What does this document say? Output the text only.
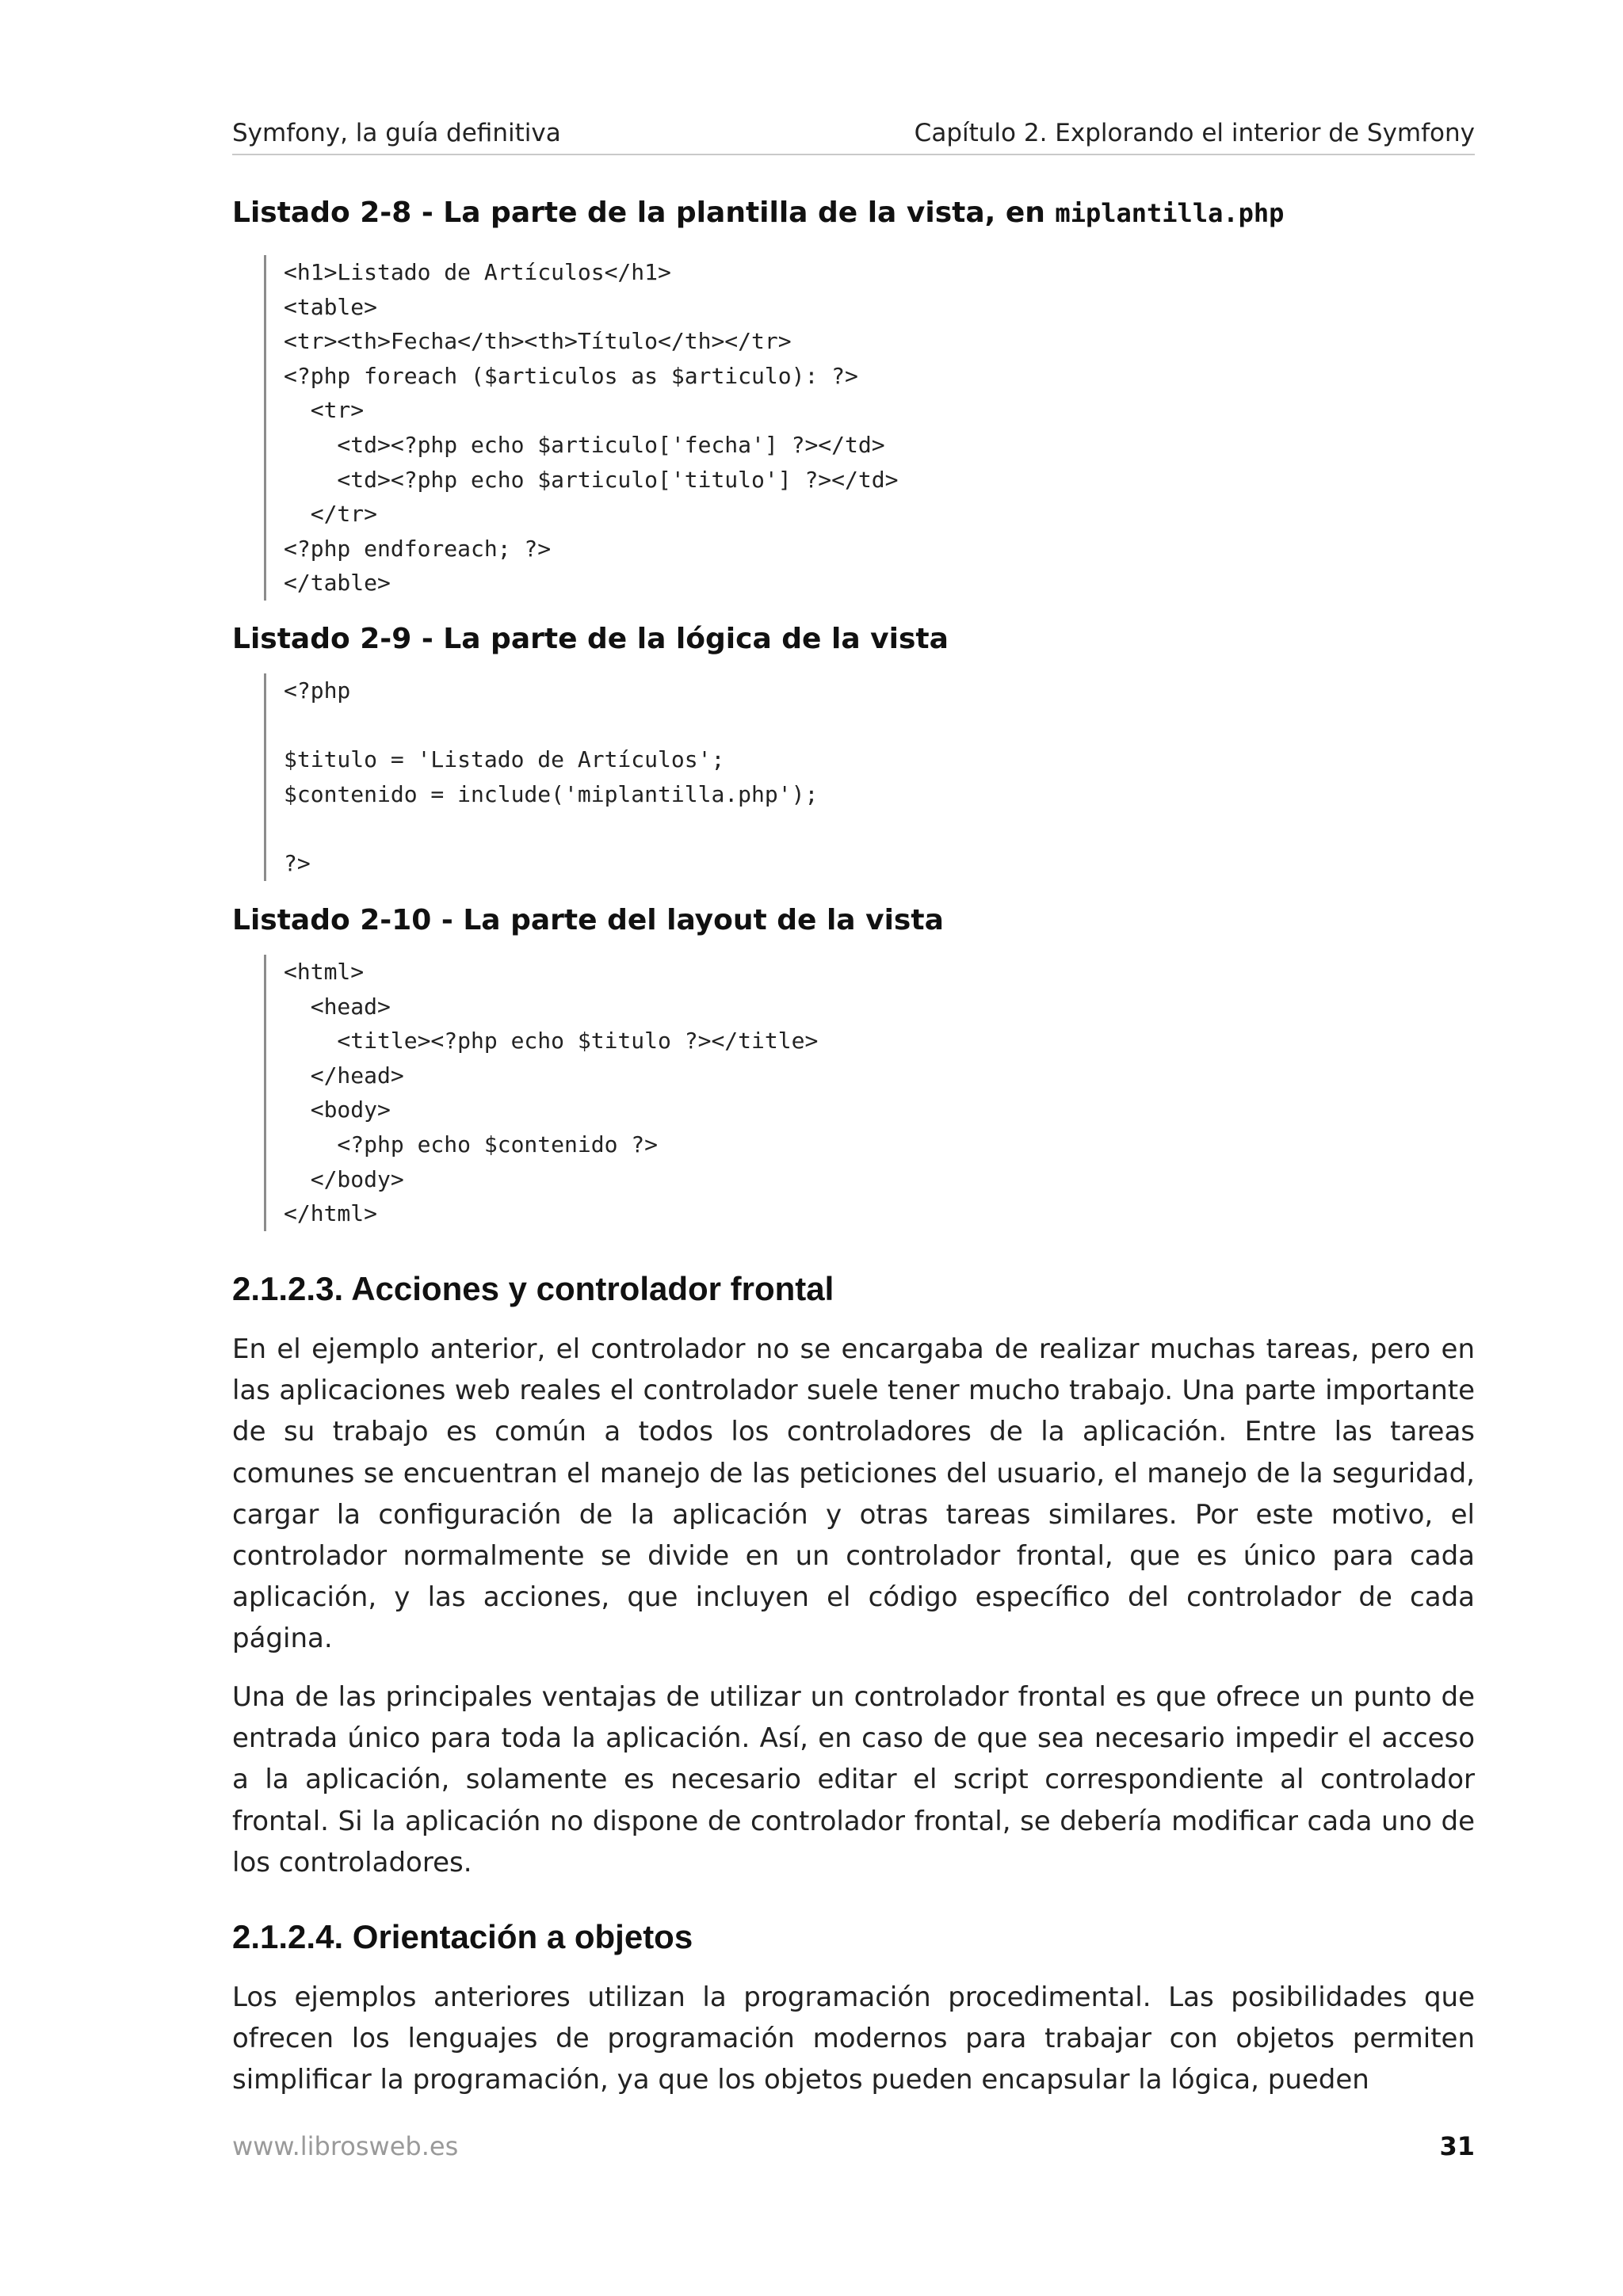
Symfony, la guía definitiva	Capítulo 2. Explorando el interior de Symfony
Listado 2-8 - La parte de la plantilla de la vista, en miplantilla.php
<h1>Listado de Artículos</h1>
<table>
<tr><th>Fecha</th><th>Título</th></tr>
<?php foreach ($articulos as $articulo): ?>
<tr>
<td><?php echo $articulo['fecha'] ?></td>
<td><?php echo $articulo['titulo'] ?></td>
</tr>
<?php endforeach; ?>
</table>
Listado 2-9 - La parte de la lógica de la vista
<?php
$titulo = 'Listado de Artículos';
$contenido = include('miplantilla.php');
?>
Listado 2-10 - La parte del layout de la vista
<html>
<head>
<title><?php echo $titulo ?></title>
</head>
<body>
<?php echo $contenido ?>
</body>
</html>
2.1.2.3. Acciones y controlador frontal

En el ejemplo anterior, el controlador no se encargaba de realizar muchas tareas, pero en las aplicaciones web reales el controlador suele tener mucho trabajo. Una parte importante de su trabajo es común a todos los controladores de la aplicación. Entre las tareas comunes se encuentran el manejo de las peticiones del usuario, el manejo de la seguridad, cargar la configuración de la aplicación y otras tareas similares. Por este motivo, el controlador normalmente se divide en un controlador frontal, que es único para cada aplicación, y las acciones, que incluyen el código específico del controlador de cada página.

Una de las principales ventajas de utilizar un controlador frontal es que ofrece un punto de entrada único para toda la aplicación. Así, en caso de que sea necesario impedir el acceso a la aplicación, solamente es necesario editar el script correspondiente al controlador frontal. Si la aplicación no dispone de controlador frontal, se debería modificar cada uno de los controladores.

2.1.2.4. Orientación a objetos

Los ejemplos anteriores utilizan la programación procedimental. Las posibilidades que ofrecen los lenguajes de programación modernos para trabajar con objetos permiten simplificar la programación, ya que los objetos pueden encapsular la lógica, pueden

www.librosweb.es	31
